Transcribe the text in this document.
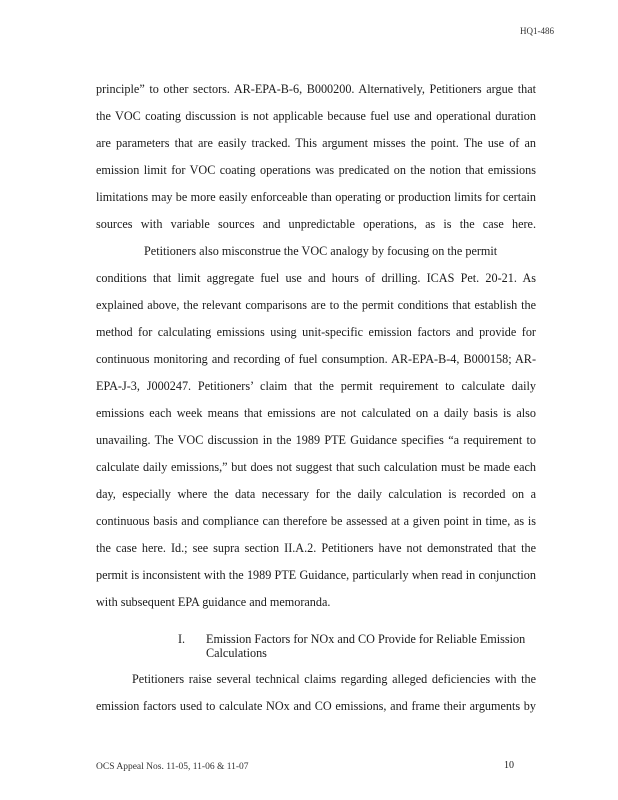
HQ1-486
principle” to other sectors. AR-EPA-B-6, B000200. Alternatively, Petitioners argue that
the VOC coating discussion is not applicable because fuel use and operational duration
are parameters that are easily tracked. This argument misses the point. The use of an
emission limit for VOC coating operations was predicated on the notion that emissions
limitations may be more easily enforceable than operating or production limits for certain
sources with variable sources and unpredictable operations, as is the case here.
Petitioners also misconstrue the VOC analogy by focusing on the permit
conditions that limit aggregate fuel use and hours of drilling. ICAS Pet. 20-21. As
explained above, the relevant comparisons are to the permit conditions that establish the
method for calculating emissions using unit-specific emission factors and provide for
continuous monitoring and recording of fuel consumption. AR-EPA-B-4, B000158; AR-
EPA-J-3, J000247. Petitioners’ claim that the permit requirement to calculate daily
emissions each week means that emissions are not calculated on a daily basis is also
unavailing. The VOC discussion in the 1989 PTE Guidance specifies “a requirement to
calculate daily emissions,” but does not suggest that such calculation must be made each
day, especially where the data necessary for the daily calculation is recorded on a
continuous basis and compliance can therefore be assessed at a given point in time, as is
the case here. Id.; see supra section II.A.2. Petitioners have not demonstrated that the
permit is inconsistent with the 1989 PTE Guidance, particularly when read in conjunction
with subsequent EPA guidance and memoranda.
I. Emission Factors for NOx and CO Provide for Reliable Emission
Calculations
Petitioners raise several technical claims regarding alleged deficiencies with the
emission factors used to calculate NOx and CO emissions, and frame their arguments by
OCS Appeal Nos. 11-05, 11-06 & 11-07	10
